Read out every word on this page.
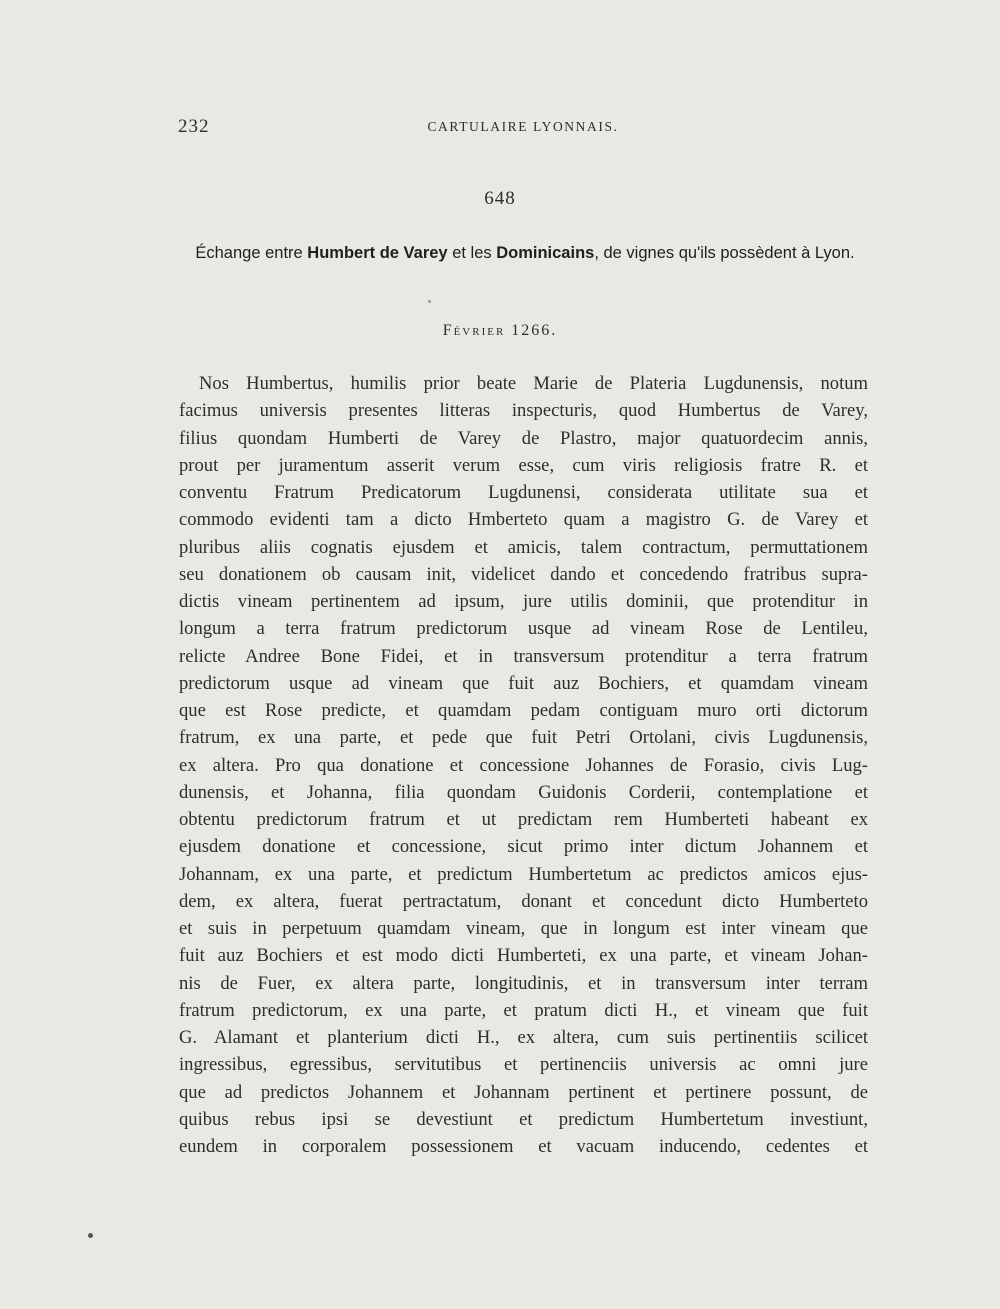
232	CARTULAIRE LYONNAIS.
648
Échange entre Humbert de Varey et les Dominicains, de vignes qu'ils possèdent à Lyon.
Février 1266.
Nos Humbertus, humilis prior beate Marie de Plateria Lugdunensis, notum
facimus universis presentes litteras inspecturis, quod Humbertus de Varey,
filius quondam Humberti de Varey de Plastro, major quatuordecim annis,
prout per juramentum asserit verum esse, cum viris religiosis fratre R. et
conventu Fratrum Predicatorum Lugdunensi, considerata utilitate sua et
commodo evidenti tam a dicto Hmberteto quam a magistro G. de Varey et
pluribus aliis cognatis ejusdem et amicis, talem contractum, permuttationem
seu donationem ob causam init, videlicet dando et concedendo fratribus supra-
dictis vineam pertinentem ad ipsum, jure utilis dominii, que protenditur in
longum a terra fratrum predictorum usque ad vineam Rose de Lentileu,
relicte Andree Bone Fidei, et in transversum protenditur a terra fratrum
predictorum usque ad vineam que fuit auz Bochiers, et quamdam vineam
que est Rose predicte, et quamdam pedam contiguam muro orti dictorum
fratrum, ex una parte, et pede que fuit Petri Ortolani, civis Lugdunensis,
ex altera. Pro qua donatione et concessione Johannes de Forasio, civis Lug-
dunensis, et Johanna, filia quondam Guidonis Corderii, contemplatione et
obtentu predictorum fratrum et ut predictam rem Humberteti habeant ex
ejusdem donatione et concessione, sicut primo inter dictum Johannem et
Johannam, ex una parte, et predictum Humbertetum ac predictos amicos ejus-
dem, ex altera, fuerat pertractatum, donant et concedunt dicto Humberteto
et suis in perpetuum quamdam vineam, que in longum est inter vineam que
fuit auz Bochiers et est modo dicti Humberteti, ex una parte, et vineam Johan-
nis de Fuer, ex altera parte, longitudinis, et in transversum inter terram
fratrum predictorum, ex una parte, et pratum dicti H., et vineam que fuit
G. Alamant et planterium dicti H., ex altera, cum suis pertinentiis scilicet
ingressibus, egressibus, servitutibus et pertinenciis universis ac omni jure
que ad predictos Johannem et Johannam pertinent et pertinere possunt, de
quibus rebus ipsi se devestiunt et predictum Humbertetum investiunt,
eundem in corporalem possessionem et vacuam inducendo, cedentes et
